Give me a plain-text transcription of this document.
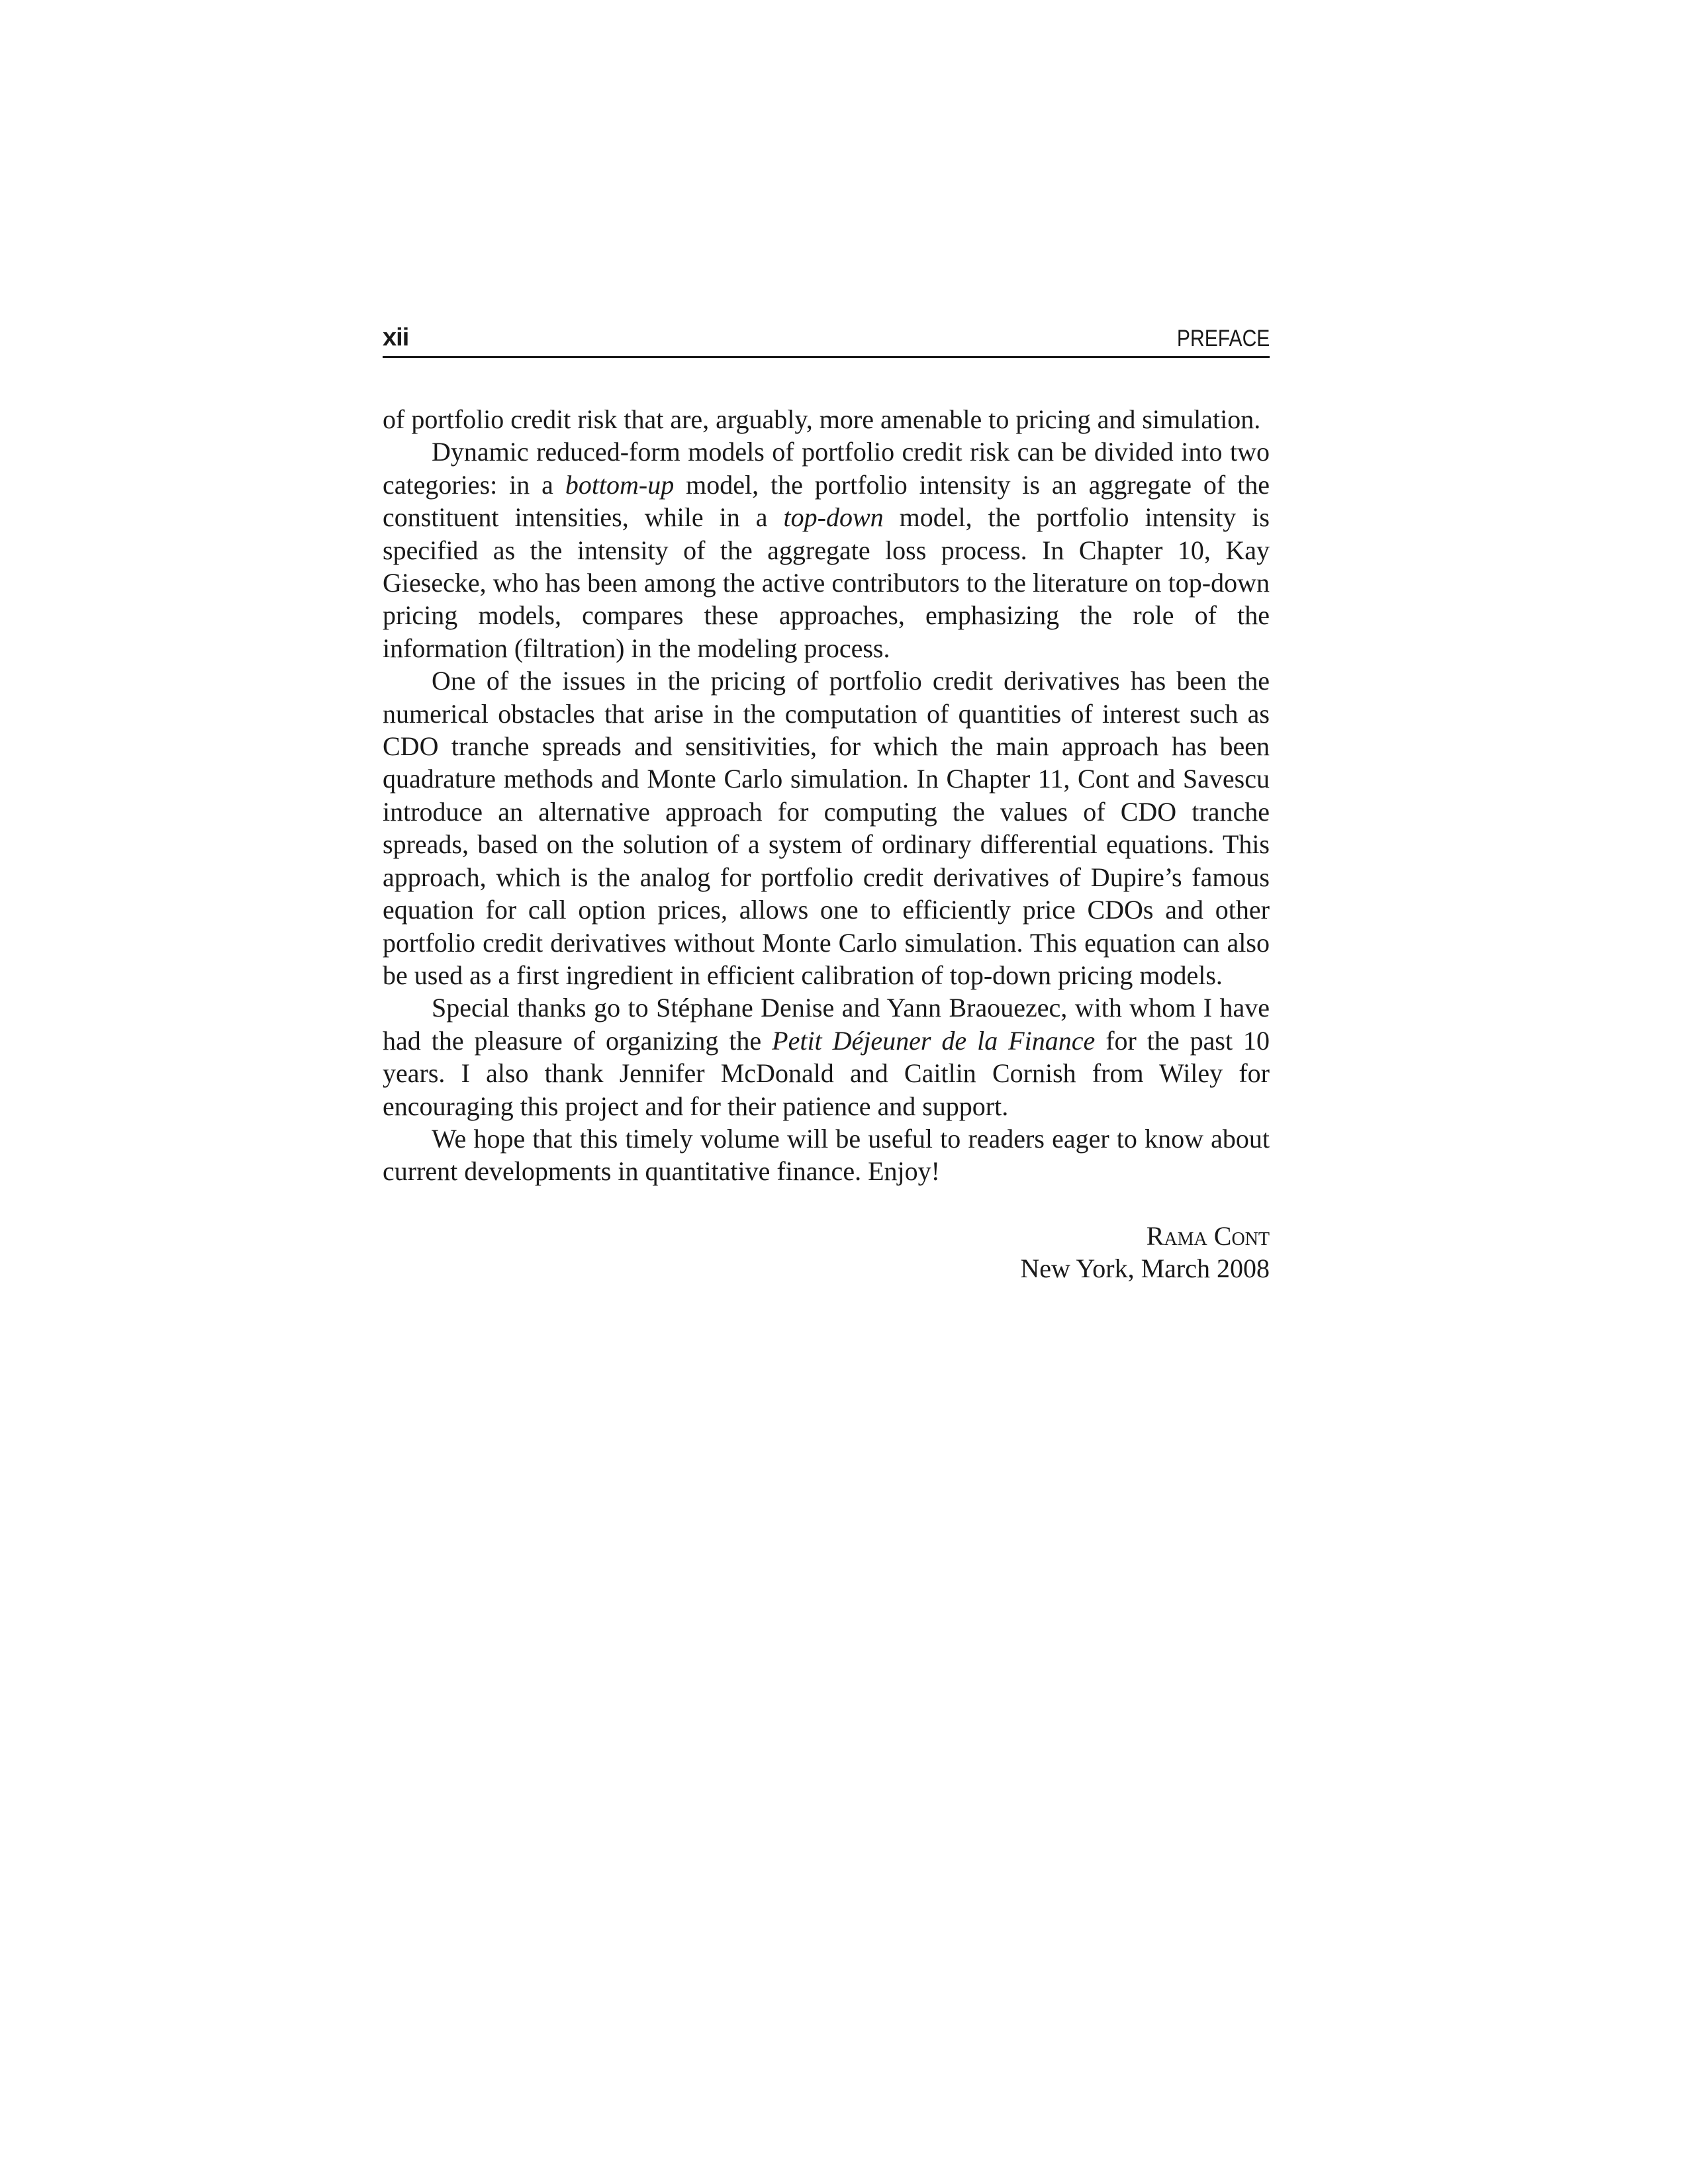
xii	PREFACE

of portfolio credit risk that are, arguably, more amenable to pricing and simulation.

Dynamic reduced-form models of portfolio credit risk can be divided into two categories: in a bottom-up model, the portfolio intensity is an aggregate of the constituent intensities, while in a top-down model, the portfolio intensity is specified as the intensity of the aggregate loss process. In Chapter 10, Kay Giesecke, who has been among the active contributors to the literature on top-down pricing models, compares these approaches, emphasizing the role of the information (filtration) in the modeling process.

One of the issues in the pricing of portfolio credit derivatives has been the numerical obstacles that arise in the computation of quantities of interest such as CDO tranche spreads and sensitivities, for which the main approach has been quadrature methods and Monte Carlo simulation. In Chapter 11, Cont and Savescu introduce an alternative approach for computing the values of CDO tranche spreads, based on the solution of a system of ordinary differential equations. This approach, which is the analog for portfolio credit derivatives of Dupire’s famous equation for call option prices, allows one to efficiently price CDOs and other portfolio credit derivatives without Monte Carlo simulation. This equation can also be used as a first ingredient in efficient calibration of top-down pricing models.

Special thanks go to Stéphane Denise and Yann Braouezec, with whom I have had the pleasure of organizing the Petit Déjeuner de la Finance for the past 10 years. I also thank Jennifer McDonald and Caitlin Cornish from Wiley for encouraging this project and for their patience and support.

We hope that this timely volume will be useful to readers eager to know about current developments in quantitative finance. Enjoy!

Rama Cont
New York, March 2008
